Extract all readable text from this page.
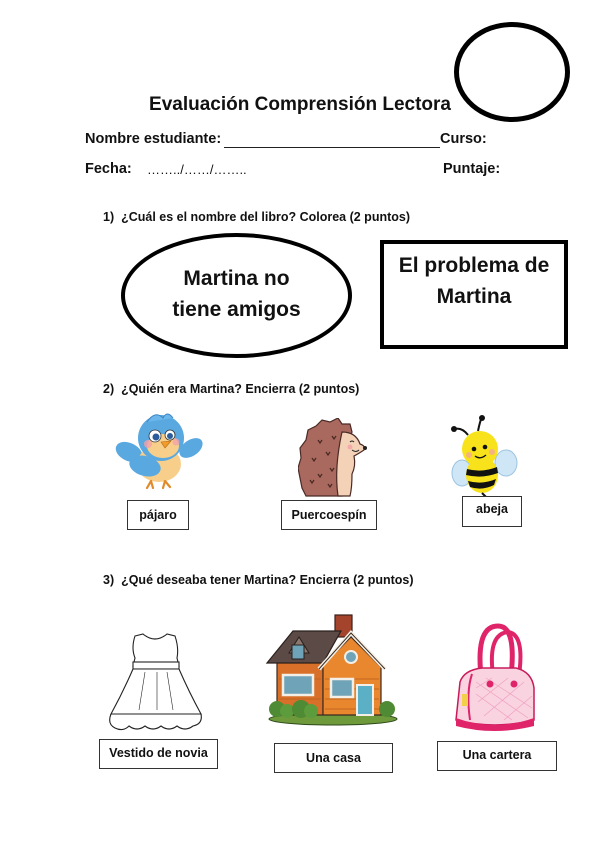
Evaluación Comprensión Lectora
Nombre estudiante:	Curso:
Fecha: ……../……/……..	Puntaje:
1) ¿Cuál es el nombre del libro? Colorea (2 puntos)
Martina no
tiene amigos
El problema de
Martina
2) ¿Quién era Martina? Encierra (2 puntos)
pájaro	Puercoespín	abeja
3) ¿Qué deseaba tener Martina? Encierra (2 puntos)
Vestido de novia	Una casa	Una cartera
